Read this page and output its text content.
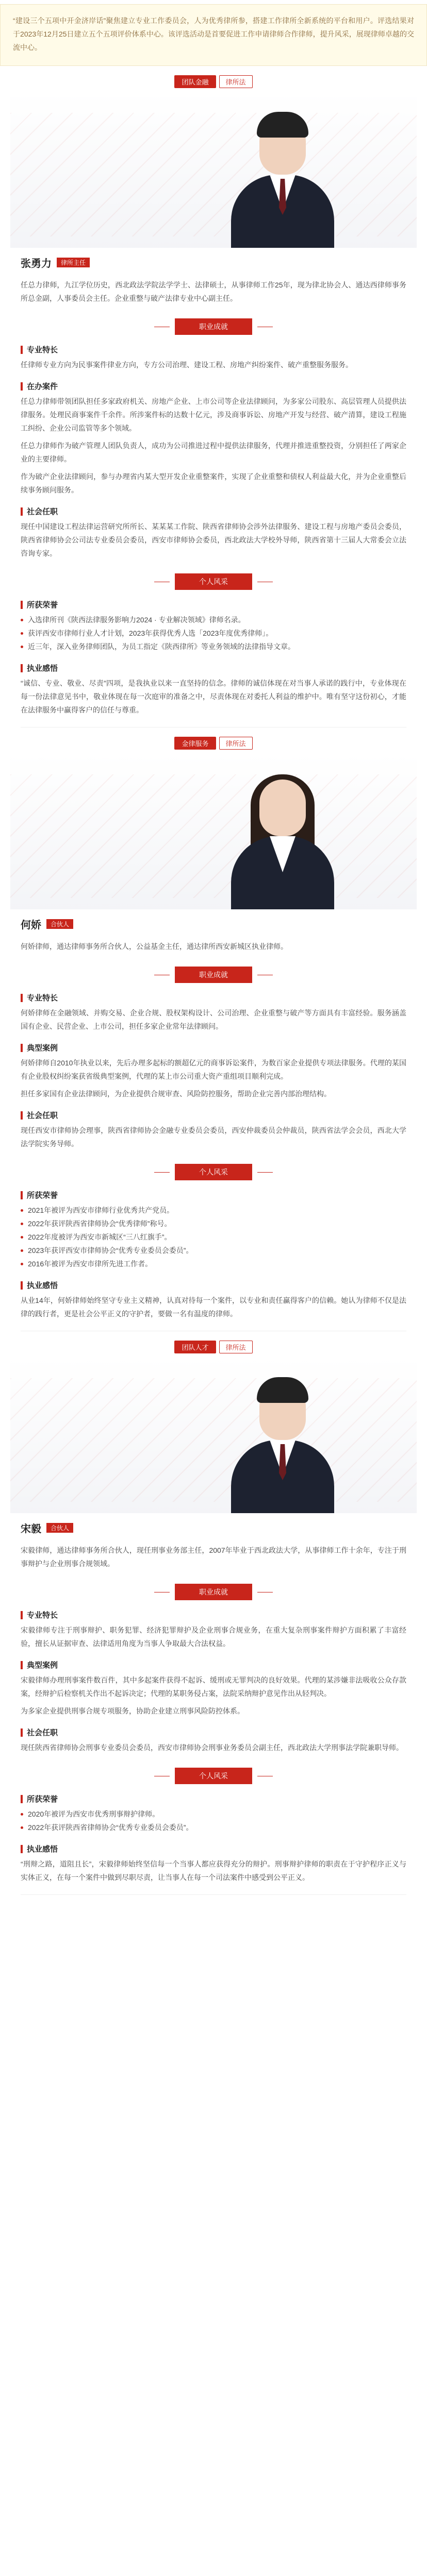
“建设三个五项中开金济岸话”聚焦建立专业工作委员会，人为优秀律所参，搭建工作律所全新系统的平台和用户。评选结果对于2023年12月25日建立五个五项评价体系中心。该评选活动是首要促进工作申请律师合作律师，提升风采，展现律师卓越的交流中心。
团队金融	律所法
张勇力	律所主任
任总力律师，九江学位历史，西北政法学院法学学士、法律硕士，从事律师工作25年，现为律北协会人、通达西律师事务所总金副，人事委员会主任。企业重整与破产法律专业中心副主任。
职业成就
专业特长
任律师专业方向为民事案件律业方向，专方公司治理、建设工程、房地产纠纷案件、破产重整服务服务。
在办案件
任总力律师带领团队担任多家政府机关、房地产企业、上市公司等企业法律顾问，为多家公司股东、高层管理人员提供法律服务。处理民商事案件千余件。所涉案件标的达数十亿元，涉及商事诉讼、房地产开发与经营、破产清算，建设工程施工纠纷、企业公司监管等多个领域。
任总力律师作为破产管理人团队负责人，成功为公司推进过程中提供法律服务，代理并推进重整投资，分别担任了两家企业的主要律师。
作为破产企业法律顾问，参与办理省内某大型开发企业重整案件，实现了企业重整和债权人利益最大化，并为企业重整后续事务顾问服务。
社会任职
现任中国建设工程法律运营研究所所长、某某某工作院、陕西省律师协会涉外法律服务、建设工程与房地产委员会委员，陕西省律师协会公司法专业委员会委员，西安市律师协会委员，西北政法大学校外导师，陕西省第十三届人大常委会立法咨询专家。
个人风采
所获荣誉
入选律所刊《陕西法律服务影响力2024 · 专业解决领域》律师名录。
获评西安市律师行业人才计划，2023年获得优秀人选「2023年度优秀律师」。
近三年，深入业务律师团队，为员工指定《陕西律所》等业务领域的法律指导文章。
执业感悟
“诚信、专业、敬业、尽责”四项，是我执业以来一直坚持的信念。律师的诚信体现在对当事人承诺的践行中，专业体现在每一份法律意见书中，敬业体现在每一次庭审的准备之中，尽责体现在对委托人利益的维护中。唯有坚守这份初心，才能在法律服务中赢得客户的信任与尊重。
金律服务	律所法
何娇	合伙人
何娇律师，通达律师事务所合伙人，公益基金主任，通达律所西安新城区执业律师。
职业成就
专业特长
何娇律师在金融领域、并购交易、企业合规、股权架构设计、公司治理、企业重整与破产等方面具有丰富经验。服务涵盖国有企业、民营企业、上市公司，担任多家企业常年法律顾问。
典型案例
何娇律师自2010年执业以来，先后办理多起标的额超亿元的商事诉讼案件，为数百家企业提供专项法律服务。代理的某国有企业股权纠纷案获省级典型案例，代理的某上市公司重大资产重组项目顺利完成。
担任多家国有企业法律顾问，为企业提供合规审查、风险防控服务，帮助企业完善内部治理结构。
社会任职
现任西安市律师协会理事，陕西省律师协会金融专业委员会委员，西安仲裁委员会仲裁员，陕西省法学会会员，西北大学法学院实务导师。
个人风采
所获荣誉
2021年被评为西安市律师行业优秀共产党员。
2022年获评陕西省律师协会“优秀律师”称号。
2022年度被评为西安市新城区“三八红旗手”。
2023年获评西安市律师协会“优秀专业委员会委员”。
2016年被评为西安市律所先进工作者。
执业感悟
从业14年，何娇律师始终坚守专业主义精神，认真对待每一个案件，以专业和责任赢得客户的信赖。她认为律师不仅是法律的践行者，更是社会公平正义的守护者，要做一名有温度的律师。
团队人才	律所法
宋毅	合伙人
宋毅律师，通达律师事务所合伙人，现任刑事业务部主任，2007年毕业于西北政法大学，从事律师工作十余年，专注于刑事辩护与企业刑事合规领域。
职业成就
专业特长
宋毅律师专注于刑事辩护、职务犯罪、经济犯罪辩护及企业刑事合规业务，在重大复杂刑事案件辩护方面积累了丰富经验，擅长从证据审查、法律适用角度为当事人争取最大合法权益。
典型案例
宋毅律师办理刑事案件数百件，其中多起案件获得不起诉、缓刑或无罪判决的良好效果。代理的某涉嫌非法吸收公众存款案，经辩护后检察机关作出不起诉决定；代理的某职务侵占案，法院采纳辩护意见作出从轻判决。
为多家企业提供刑事合规专项服务，协助企业建立刑事风险防控体系。
社会任职
现任陕西省律师协会刑事专业委员会委员，西安市律师协会刑事业务委员会副主任，西北政法大学刑事法学院兼职导师。
个人风采
所获荣誉
2020年被评为西安市优秀刑事辩护律师。
2022年获评陕西省律师协会“优秀专业委员会委员”。
执业感悟
“刑辩之路，道阻且长”，宋毅律师始终坚信每一个当事人都应获得充分的辩护。刑事辩护律师的职责在于守护程序正义与实体正义，在每一个案件中做到尽职尽责，让当事人在每一个司法案件中感受到公平正义。
